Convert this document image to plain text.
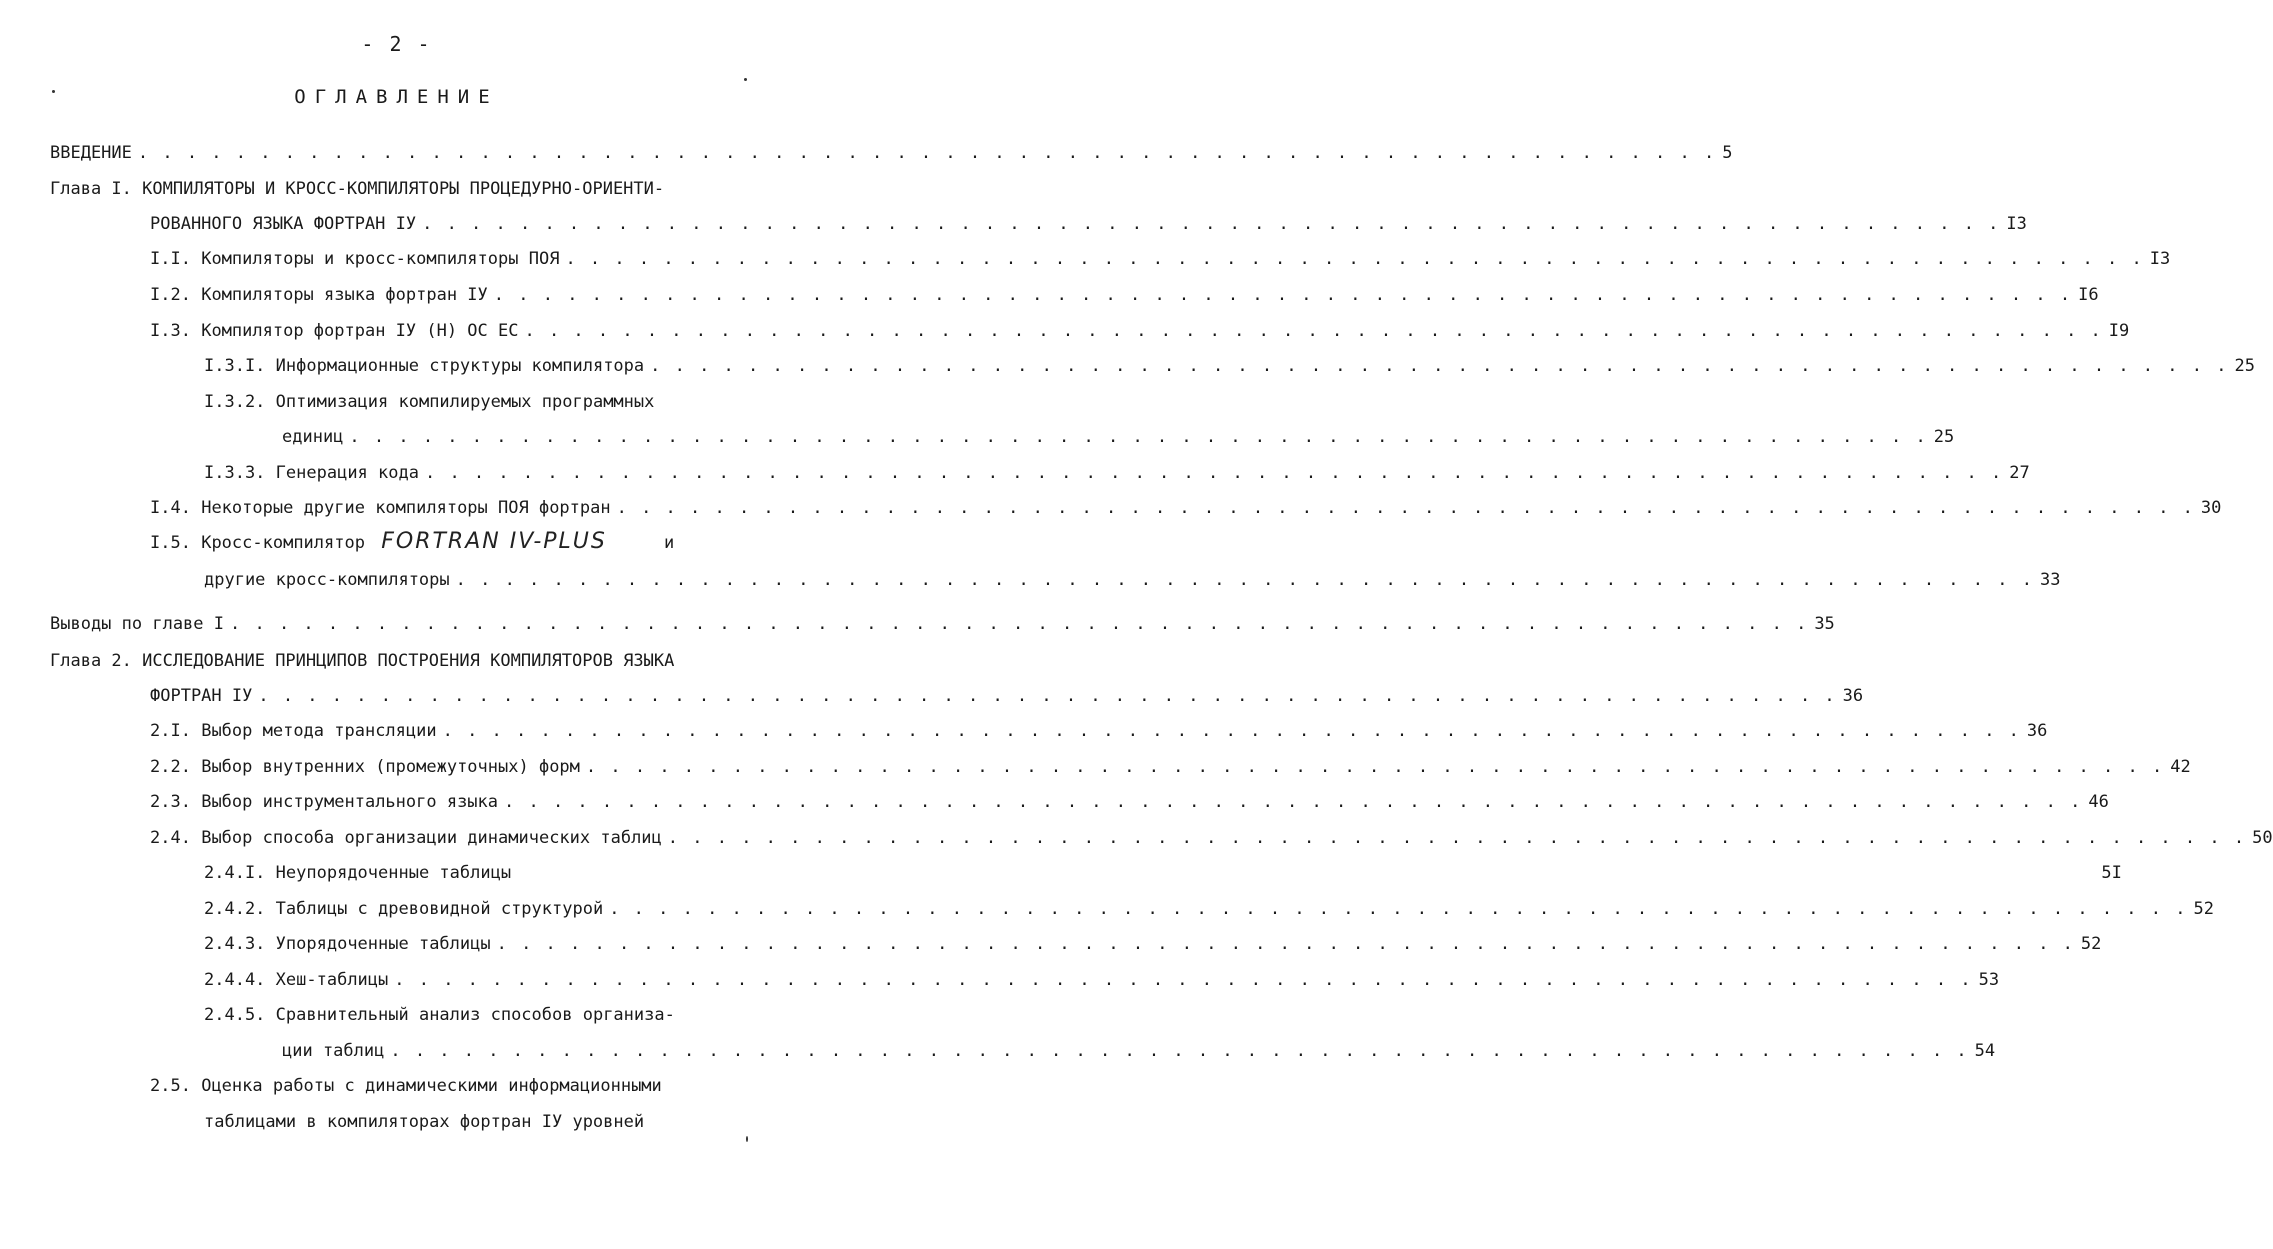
- 2 -
ОГЛАВЛЕНИЕ
ВВЕДЕНИЕ . . . . . . . . . . . . . . . . . . . . . . . . . . . . . . . . . . . . . . . . . . . . . . . . . . . . . . . . . . . . . . . . . 5
Глава I. КОМПИЛЯТОРЫ И КРОСС-КОМПИЛЯТОРЫ ПРОЦЕДУРНО-ОРИЕНТИ-
РОВАННОГО ЯЗЫКА ФОРТРАН IУ . . . . . . . . . . . . . . . . . . . . . . . . . . . . . . . . . . . . . . . . . . . . . . . . . . . . . . . . . . . . . . . . . I3
I.I.
Компиляторы и кросс-компиляторы ПОЯ . . . . . . . . . . . . . . . . . . . . . . . . . . . . . . . . . . . . . . . . . . . . . . . . . . . . . . . . . . . . . . . . . I3
I.2.
Компиляторы языка фортран IУ . . . . . . . . . . . . . . . . . . . . . . . . . . . . . . . . . . . . . . . . . . . . . . . . . . . . . . . . . . . . . . . . . I6
I.3.
Компилятор фортран IУ (Н) ОС ЕС . . . . . . . . . . . . . . . . . . . . . . . . . . . . . . . . . . . . . . . . . . . . . . . . . . . . . . . . . . . . . . . . . I9
I.3.I.
Информационные структуры компилятора . . . . . . . . . . . . . . . . . . . . . . . . . . . . . . . . . . . . . . . . . . . . . . . . . . . . . . . . . . . . . . . . . 25
I.3.2. Оптимизация компилируемых программных
единиц . . . . . . . . . . . . . . . . . . . . . . . . . . . . . . . . . . . . . . . . . . . . . . . . . . . . . . . . . . . . . . . . . 25
I.3.3.
Генерация кода . . . . . . . . . . . . . . . . . . . . . . . . . . . . . . . . . . . . . . . . . . . . . . . . . . . . . . . . . . . . . . . . . 27
I.4.
Некоторые другие компиляторы ПОЯ фортран . . . . . . . . . . . . . . . . . . . . . . . . . . . . . . . . . . . . . . . . . . . . . . . . . . . . . . . . . . . . . . . . . 30
I.5. Кросс-компилятор FORTRAN IV-PLUS	и
другие кросс-компиляторы . . . . . . . . . . . . . . . . . . . . . . . . . . . . . . . . . . . . . . . . . . . . . . . . . . . . . . . . . . . . . . . . . 33
Выводы по главе I . . . . . . . . . . . . . . . . . . . . . . . . . . . . . . . . . . . . . . . . . . . . . . . . . . . . . . . . . . . . . . . . . 35
Глава 2. ИССЛЕДОВАНИЕ ПРИНЦИПОВ ПОСТРОЕНИЯ КОМПИЛЯТОРОВ ЯЗЫКА
ФОРТРАН IУ . . . . . . . . . . . . . . . . . . . . . . . . . . . . . . . . . . . . . . . . . . . . . . . . . . . . . . . . . . . . . . . . . 36
2.I.
Выбор метода трансляции . . . . . . . . . . . . . . . . . . . . . . . . . . . . . . . . . . . . . . . . . . . . . . . . . . . . . . . . . . . . . . . . . 36
2.2.
Выбор внутренних (промежуточных) форм . . . . . . . . . . . . . . . . . . . . . . . . . . . . . . . . . . . . . . . . . . . . . . . . . . . . . . . . . . . . . . . . . 42
2.3.
Выбор инструментального языка . . . . . . . . . . . . . . . . . . . . . . . . . . . . . . . . . . . . . . . . . . . . . . . . . . . . . . . . . . . . . . . . . 46
2.4.
Выбор способа организации динамических таблиц . . . . . . . . . . . . . . . . . . . . . . . . . . . . . . . . . . . . . . . . . . . . . . . . . . . . . . . . . . . . . . . . . 50
2.4.I.
Неупорядоченные таблицы	5I
2.4.2.
Таблицы с древовидной структурой . . . . . . . . . . . . . . . . . . . . . . . . . . . . . . . . . . . . . . . . . . . . . . . . . . . . . . . . . . . . . . . . . 52
2.4.3.
Упорядоченные таблицы . . . . . . . . . . . . . . . . . . . . . . . . . . . . . . . . . . . . . . . . . . . . . . . . . . . . . . . . . . . . . . . . . 52
2.4.4.
Хеш-таблицы . . . . . . . . . . . . . . . . . . . . . . . . . . . . . . . . . . . . . . . . . . . . . . . . . . . . . . . . . . . . . . . . . 53
2.4.5. Сравнительный анализ способов организа-
ции таблиц . . . . . . . . . . . . . . . . . . . . . . . . . . . . . . . . . . . . . . . . . . . . . . . . . . . . . . . . . . . . . . . . . 54
2.5. Оценка работы с динамическими информационными
таблицами в компиляторах фортран IУ уровней
